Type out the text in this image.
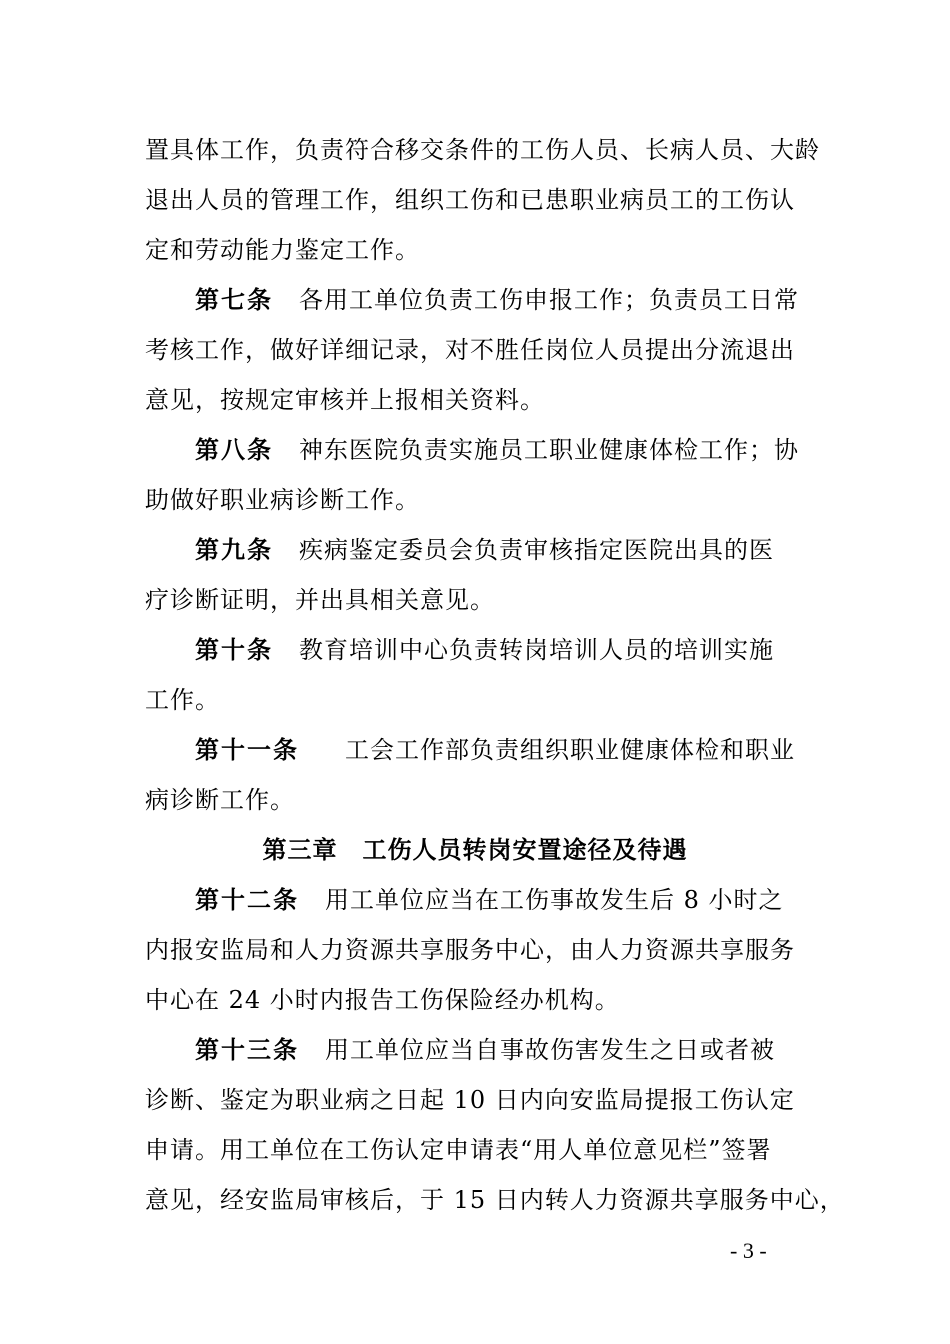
置具体工作，负责符合移交条件的工伤人员、长病人员、大龄
退出人员的管理工作，组织工伤和已患职业病员工的工伤认
定和劳动能力鉴定工作。
第七条 各用工单位负责工伤申报工作；负责员工日常
考核工作，做好详细记录，对不胜任岗位人员提出分流退出
意见，按规定审核并上报相关资料。
第八条 神东医院负责实施员工职业健康体检工作；协
助做好职业病诊断工作。
第九条 疾病鉴定委员会负责审核指定医院出具的医
疗诊断证明，并出具相关意见。
第十条 教育培训中心负责转岗培训人员的培训实施
工作。
第十一条 工会工作部负责组织职业健康体检和职业
病诊断工作。
第三章　工伤人员转岗安置途径及待遇
第十二条 用工单位应当在工伤事故发生后 8 小时之
内报安监局和人力资源共享服务中心，由人力资源共享服务
中心在 24 小时内报告工伤保险经办机构。
第十三条 用工单位应当自事故伤害发生之日或者被
诊断、鉴定为职业病之日起 10 日内向安监局提报工伤认定
申请。用工单位在工伤认定申请表“用人单位意见栏”签署
意见，经安监局审核后，于 15 日内转人力资源共享服务中心，
- 3 -
